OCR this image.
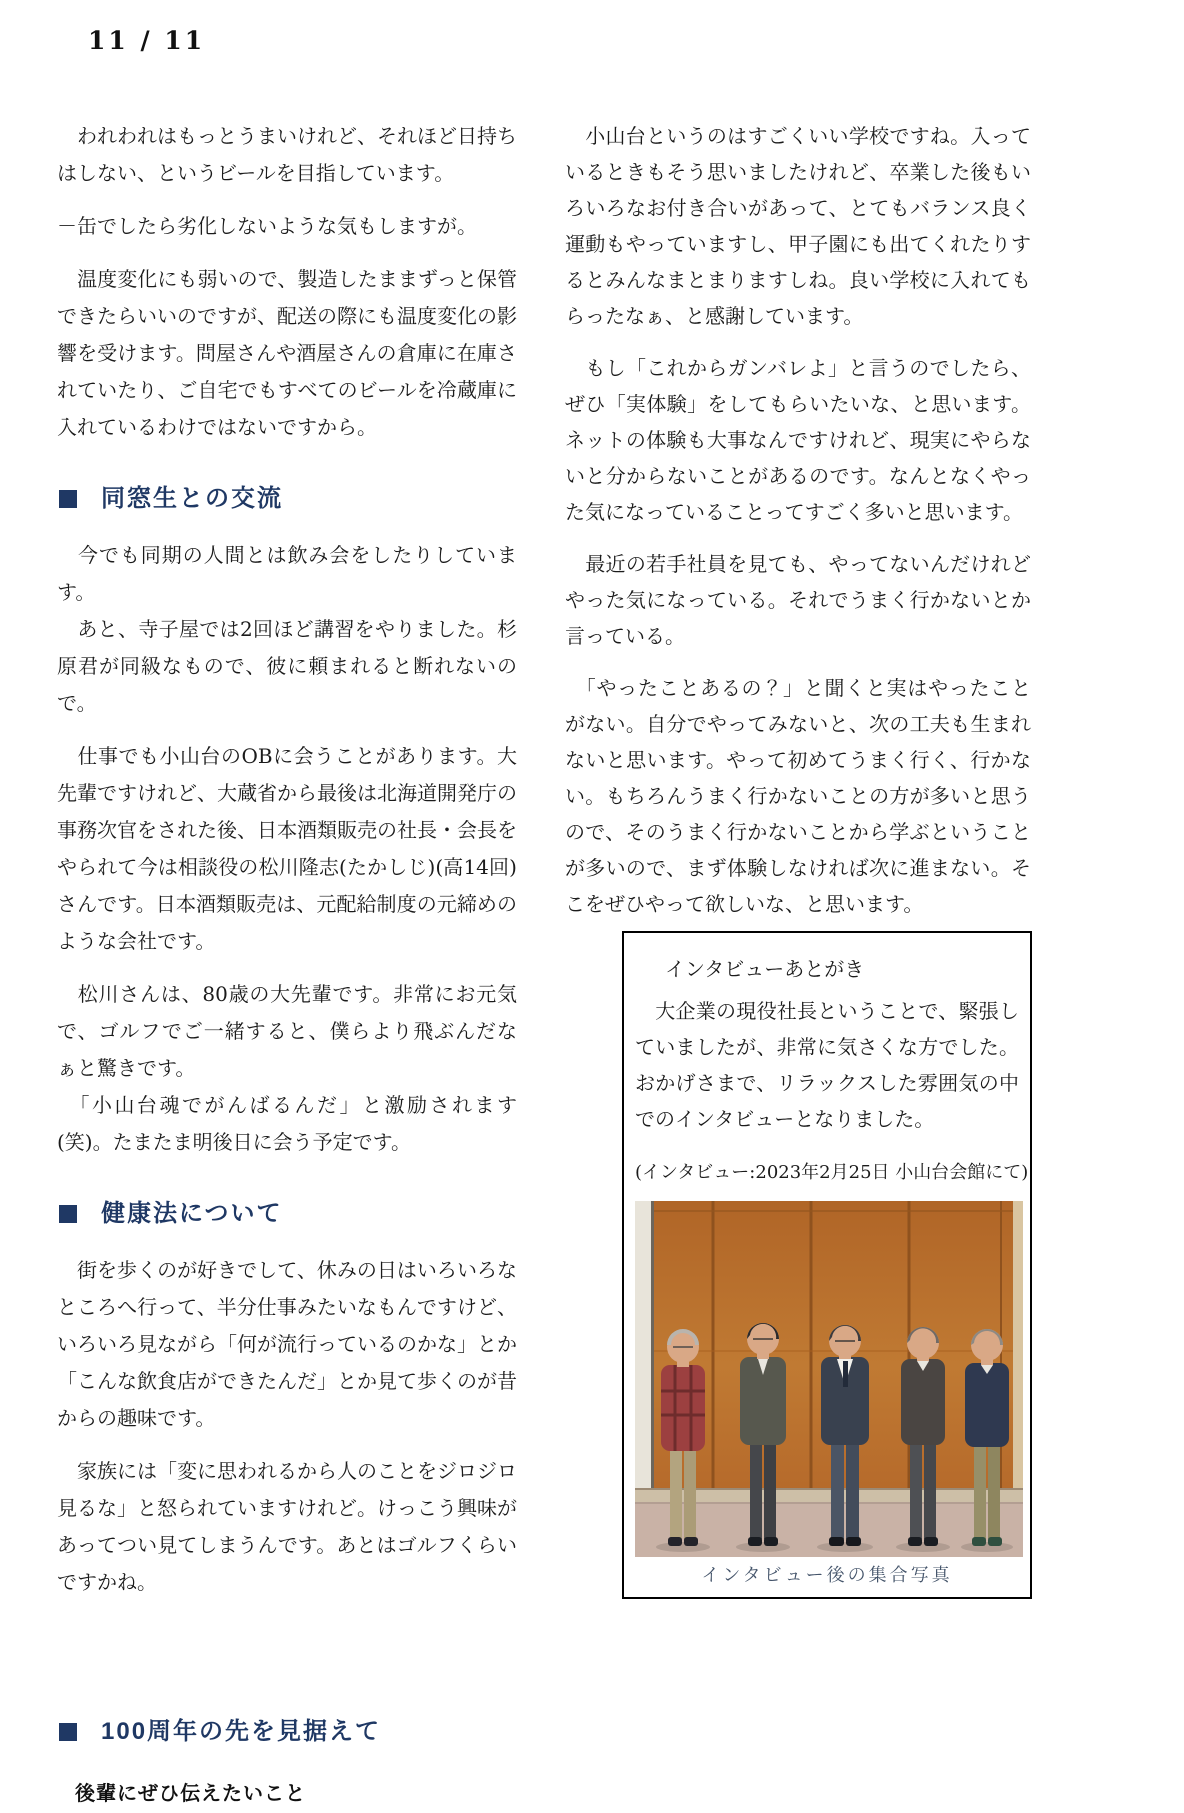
11 / 11

　われわれはもっとうまいけれど、それほど日持ちはしない、というビールを目指しています。

－缶でしたら劣化しないような気もしますが。

　温度変化にも弱いので、製造したままずっと保管できたらいいのですが、配送の際にも温度変化の影響を受けます。問屋さんや酒屋さんの倉庫に在庫されていたり、ご自宅でもすべてのビールを冷蔵庫に入れているわけではないですから。

同窓生との交流

　今でも同期の人間とは飲み会をしたりしています。

　あと、寺子屋では2回ほど講習をやりました。杉原君が同級なもので、彼に頼まれると断れないので。

　仕事でも小山台のOBに会うことがあります。大先輩ですけれど、大蔵省から最後は北海道開発庁の事務次官をされた後、日本酒類販売の社長・会長をやられて今は相談役の松川隆志(たかしじ)(高14回)さんです。日本酒類販売は、元配給制度の元締めのような会社です。

　松川さんは、80歳の大先輩です。非常にお元気で、ゴルフでご一緒すると、僕らより飛ぶんだなぁと驚きです。

　「小山台魂でがんばるんだ」と激励されます(笑)。たまたま明後日に会う予定です。

健康法について

　街を歩くのが好きでして、休みの日はいろいろなところへ行って、半分仕事みたいなもんですけど、いろいろ見ながら「何が流行っているのかな」とか「こんな飲食店ができたんだ」とか見て歩くのが昔からの趣味です。

　家族には「変に思われるから人のことをジロジロ見るな」と怒られていますけれど。けっこう興味があってつい見てしまうんです。あとはゴルフくらいですかね。

100周年の先を見据えて
後輩にぜひ伝えたいこと

　小山台というのはすごくいい学校ですね。入っているときもそう思いましたけれど、卒業した後もいろいろなお付き合いがあって、とてもバランス良く運動もやっていますし、甲子園にも出てくれたりするとみんなまとまりますしね。良い学校に入れてもらったなぁ、と感謝しています。

　もし「これからガンバレよ」と言うのでしたら、ぜひ「実体験」をしてもらいたいな、と思います。ネットの体験も大事なんですけれど、現実にやらないと分からないことがあるのです。なんとなくやった気になっていることってすごく多いと思います。

　最近の若手社員を見ても、やってないんだけれどやった気になっている。それでうまく行かないとか言っている。

　「やったことあるの？」と聞くと実はやったことがない。自分でやってみないと、次の工夫も生まれないと思います。やって初めてうまく行く、行かない。もちろんうまく行かないことの方が多いと思うので、そのうまく行かないことから学ぶということが多いので、まず体験しなければ次に進まない。そこをぜひやって欲しいな、と思います。

インタビューあとがき

　大企業の現役社長ということで、緊張していましたが、非常に気さくな方でした。おかげさまで、リラックスした雰囲気の中でのインタビューとなりました。

(インタビュー:2023年2月25日 小山台会館にて)
インタビュー後の集合写真
